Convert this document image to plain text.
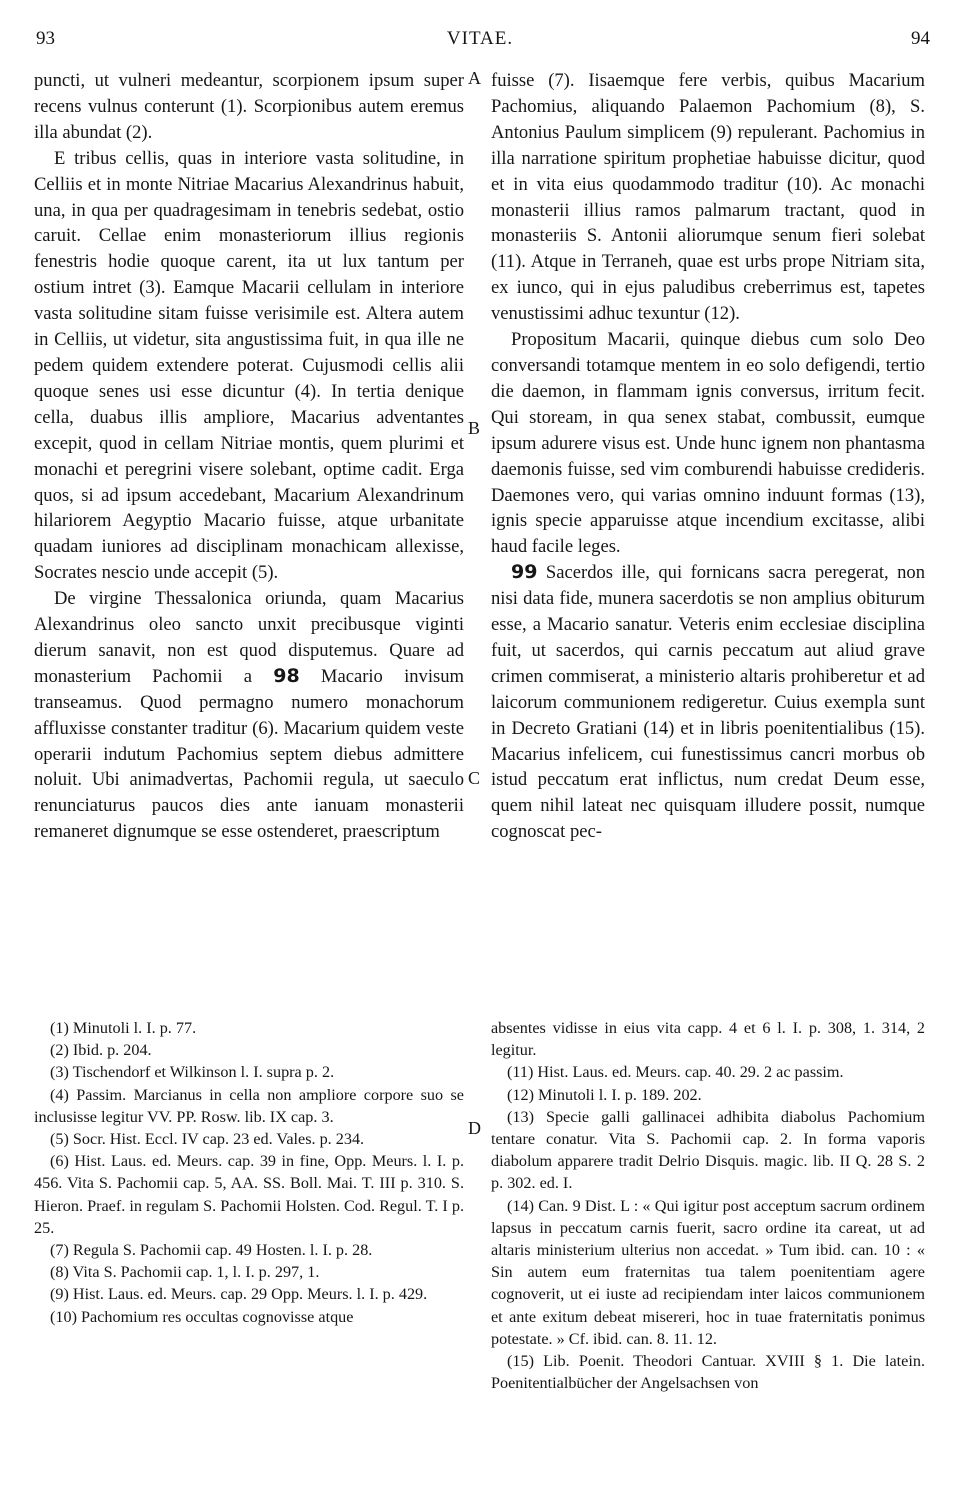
93	VITAE.	94

puncti, ut vulneri medeantur, scorpionem ipsum super recens vulnus conterunt (1). Scorpionibus autem eremus illa abundat (2).

E tribus cellis, quas in interiore vasta solitudine, in Celliis et in monte Nitriae Macarius Alexandrinus habuit, una, in qua per quadragesimam in tenebris sedebat, ostio caruit. Cellae enim monasteriorum illius regionis fenestris hodie quoque carent, ita ut lux tantum per ostium intret (3). Eamque Macarii cellulam in interiore vasta solitudine sitam fuisse verisimile est. Altera autem in Celliis, ut videtur, sita angustissima fuit, in qua ille ne pedem quidem extendere poterat. Cujusmodi cellis alii quoque senes usi esse dicuntur (4). In tertia denique cella, duabus illis ampliore, Macarius adventantes excepit, quod in cellam Nitriae montis, quem plurimi et monachi et peregrini visere solebant, optime cadit. Erga quos, si ad ipsum accedebant, Macarium Alexandrinum hilariorem Aegyptio Macario fuisse, atque urbanitate quadam iuniores ad disciplinam monachicam allexisse, Socrates nescio unde accepit (5).

De virgine Thessalonica oriunda, quam Macarius Alexandrinus oleo sancto unxit precibusque viginti dierum sanavit, non est quod disputemus. Quare ad monasterium Pachomii a 98 Macario invisum transeamus. Quod permagno numero monachorum affluxisse constanter traditur (6). Macarium quidem veste operarii indutum Pachomius septem diebus admittere noluit. Ubi animadvertas, Pachomii regula, ut saeculo renunciaturus paucos dies ante ianuam monasterii remaneret dignumque se esse ostenderet, praescriptum

A
B
C
D

fuisse (7). Iisaemque fere verbis, quibus Macarium Pachomius, aliquando Palaemon Pachomium (8), S. Antonius Paulum simplicem (9) repulerant. Pachomius in illa narratione spiritum prophetiae habuisse dicitur, quod et in vita eius quodammodo traditur (10). Ac monachi monasterii illius ramos palmarum tractant, quod in monasteriis S. Antonii aliorumque senum fieri solebat (11). Atque in Terraneh, quae est urbs prope Nitriam sita, ex iunco, qui in ejus paludibus creberrimus est, tapetes venustissimi adhuc texuntur (12).

Propositum Macarii, quinque diebus cum solo Deo conversandi totamque mentem in eo solo defigendi, tertio die daemon, in flammam ignis conversus, irritum fecit. Qui stoream, in qua senex stabat, combussit, eumque ipsum adurere visus est. Unde hunc ignem non phantasma daemonis fuisse, sed vim comburendi habuisse credideris. Daemones vero, qui varias omnino induunt formas (13), ignis specie apparuisse atque incendium excitasse, alibi haud facile leges.

99 Sacerdos ille, qui fornicans sacra peregerat, non nisi data fide, munera sacerdotis se non amplius obiturum esse, a Macario sanatur. Veteris enim ecclesiae disciplina fuit, ut sacerdos, qui carnis peccatum aut aliud grave crimen commiserat, a ministerio altaris prohiberetur et ad laicorum communionem redigeretur. Cuius exempla sunt in Decreto Gratiani (14) et in libris poenitentialibus (15). Macarius infelicem, cui funestissimus cancri morbus ob istud peccatum erat inflictus, num credat Deum esse, quem nihil lateat nec quisquam illudere possit, numque cognoscat pec-

(1) Minutoli l. I. p. 77.

(2) Ibid. p. 204.

(3) Tischendorf et Wilkinson l. I. supra p. 2.

(4) Passim. Marcianus in cella non ampliore corpore suo se inclusisse legitur VV. PP. Rosw. lib. IX cap. 3.

(5) Socr. Hist. Eccl. IV cap. 23 ed. Vales. p. 234.

(6) Hist. Laus. ed. Meurs. cap. 39 in fine, Opp. Meurs. l. I. p. 456. Vita S. Pachomii cap. 5, AA. SS. Boll. Mai. T. III p. 310. S. Hieron. Praef. in regulam S. Pachomii Holsten. Cod. Regul. T. I p. 25.

(7) Regula S. Pachomii cap. 49 Hosten. l. I. p. 28.

(8) Vita S. Pachomii cap. 1, l. I. p. 297, 1.

(9) Hist. Laus. ed. Meurs. cap. 29 Opp. Meurs. l. I. p. 429.

(10) Pachomium res occultas cognovisse atque

absentes vidisse in eius vita capp. 4 et 6 l. I. p. 308, 1. 314, 2 legitur.

(11) Hist. Laus. ed. Meurs. cap. 40. 29. 2 ac passim.

(12) Minutoli l. I. p. 189. 202.

(13) Specie galli gallinacei adhibita diabolus Pachomium tentare conatur. Vita S. Pachomii cap. 2. In forma vaporis diabolum apparere tradit Delrio Disquis. magic. lib. II Q. 28 S. 2 p. 302. ed. I.

(14) Can. 9 Dist. L : « Qui igitur post acceptum sacrum ordinem lapsus in peccatum carnis fuerit, sacro ordine ita careat, ut ad altaris ministerium ulterius non accedat. » Tum ibid. can. 10 : « Sin autem eum fraternitas tua talem poenitentiam agere cognoverit, ut ei iuste ad recipiendam inter laicos communionem et ante exitum debeat misereri, hoc in tuae fraternitatis ponimus potestate. » Cf. ibid. can. 8. 11. 12.

(15) Lib. Poenit. Theodori Cantuar. XVIII § 1. Die latein. Poenitentialbücher der Angelsachsen von
